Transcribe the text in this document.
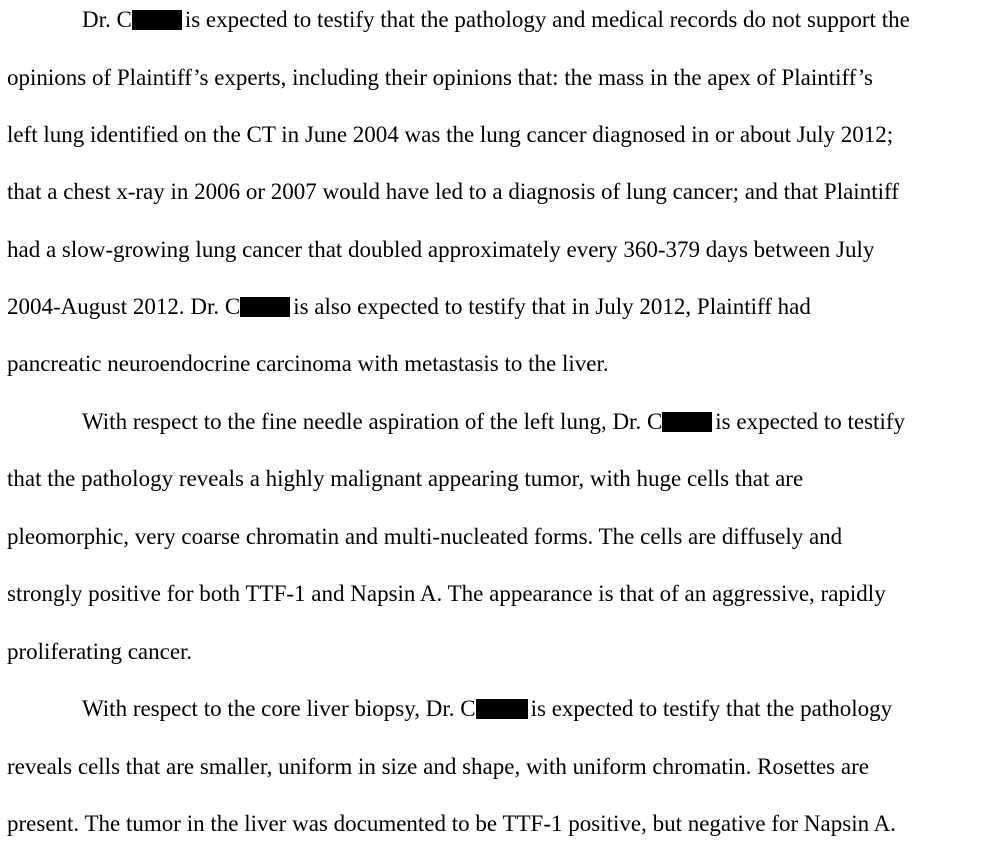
Dr. C is expected to testify that the pathology and medical records do not support the
opinions of Plaintiff’s experts, including their opinions that: the mass in the apex of Plaintiff’s
left lung identified on the CT in June 2004 was the lung cancer diagnosed in or about July 2012;
that a chest x-ray in 2006 or 2007 would have led to a diagnosis of lung cancer; and that Plaintiff
had a slow-growing lung cancer that doubled approximately every 360-379 days between July
2004-August 2012. Dr. C is also expected to testify that in July 2012, Plaintiff had
pancreatic neuroendocrine carcinoma with metastasis to the liver.
With respect to the fine needle aspiration of the left lung, Dr. C is expected to testify
that the pathology reveals a highly malignant appearing tumor, with huge cells that are
pleomorphic, very coarse chromatin and multi-nucleated forms. The cells are diffusely and
strongly positive for both TTF-1 and Napsin A. The appearance is that of an aggressive, rapidly
proliferating cancer.
With respect to the core liver biopsy, Dr. C is expected to testify that the pathology
reveals cells that are smaller, uniform in size and shape, with uniform chromatin. Rosettes are
present. The tumor in the liver was documented to be TTF-1 positive, but negative for Napsin A.
